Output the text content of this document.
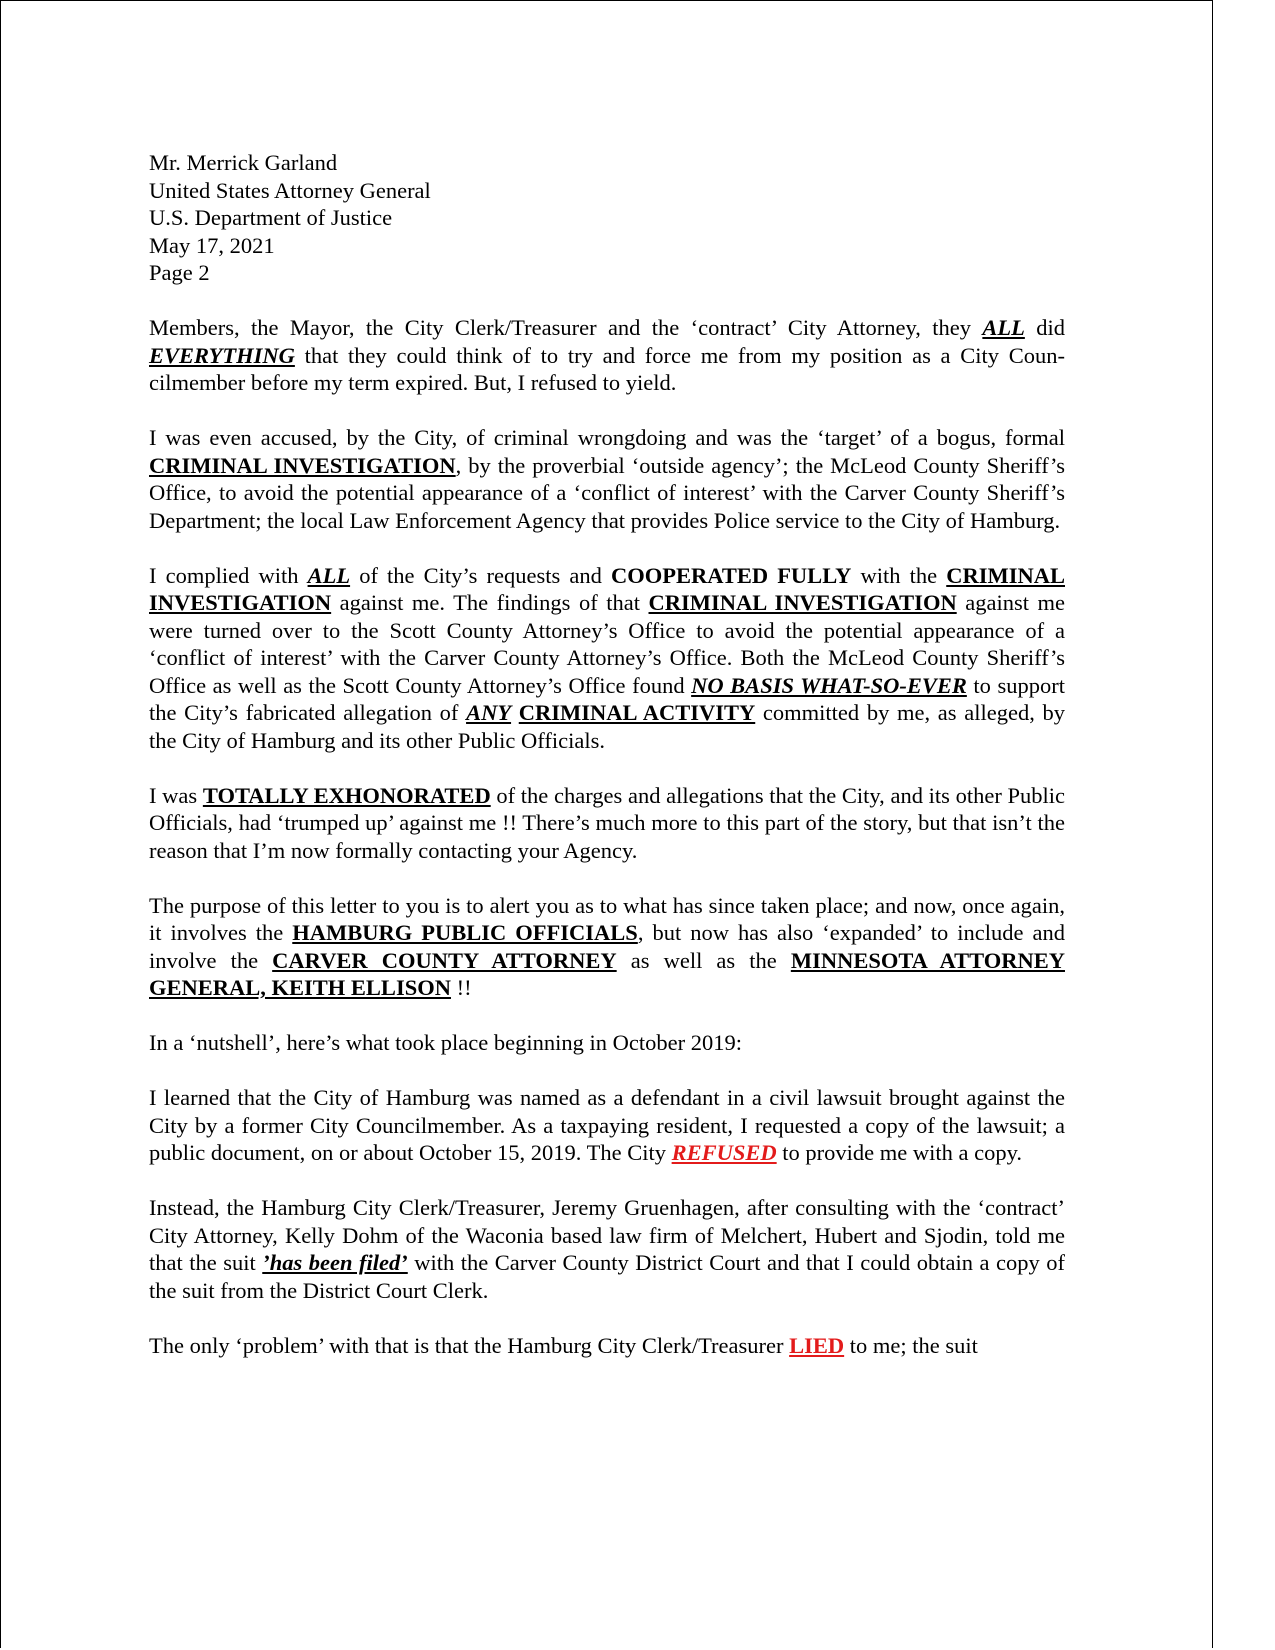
Mr. Merrick Garland
United States Attorney General
U.S. Department of Justice
May 17, 2021
Page 2

Members, the Mayor, the City Clerk/Treasurer and the ‘contract’ City Attorney, they ALL did EVERYTHING that they could think of to try and force me from my position as a City Councilmember before my term expired. But, I refused to yield.

I was even accused, by the City, of criminal wrongdoing and was the ‘target’ of a bogus, formal CRIMINAL INVESTIGATION, by the proverbial ‘outside agency’; the McLeod County Sheriff’s Office, to avoid the potential appearance of a ‘conflict of interest’ with the Carver County Sheriff’s Department; the local Law Enforcement Agency that provides Police service to the City of Hamburg.

I complied with ALL of the City’s requests and COOPERATED FULLY with the CRIMINAL INVESTIGATION against me. The findings of that CRIMINAL INVESTIGATION against me were turned over to the Scott County Attorney’s Office to avoid the potential appearance of a ‘conflict of interest’ with the Carver County Attorney’s Office. Both the McLeod County Sheriff’s Office as well as the Scott County Attorney’s Office found NO BASIS WHAT-SO-EVER to support the City’s fabricated allegation of ANY CRIMINAL ACTIVITY committed by me, as alleged, by the City of Hamburg and its other Public Officials.

I was TOTALLY EXHONORATED of the charges and allegations that the City, and its other Public Officials, had ‘trumped up’ against me !! There’s much more to this part of the story, but that isn’t the reason that I’m now formally contacting your Agency.

The purpose of this letter to you is to alert you as to what has since taken place; and now, once again, it involves the HAMBURG PUBLIC OFFICIALS, but now has also ‘expanded’ to include and involve the CARVER COUNTY ATTORNEY as well as the MINNESOTA ATTORNEY GENERAL, KEITH ELLISON !!

In a ‘nutshell’, here’s what took place beginning in October 2019:

I learned that the City of Hamburg was named as a defendant in a civil lawsuit brought against the City by a former City Councilmember. As a taxpaying resident, I requested a copy of the lawsuit; a public document, on or about October 15, 2019. The City REFUSED to provide me with a copy.

Instead, the Hamburg City Clerk/Treasurer, Jeremy Gruenhagen, after consulting with the ‘contract’ City Attorney, Kelly Dohm of the Waconia based law firm of Melchert, Hubert and Sjodin, told me that the suit ’has been filed’ with the Carver County District Court and that I could obtain a copy of the suit from the District Court Clerk.

The only ‘problem’ with that is that the Hamburg City Clerk/Treasurer LIED to me; the suit
